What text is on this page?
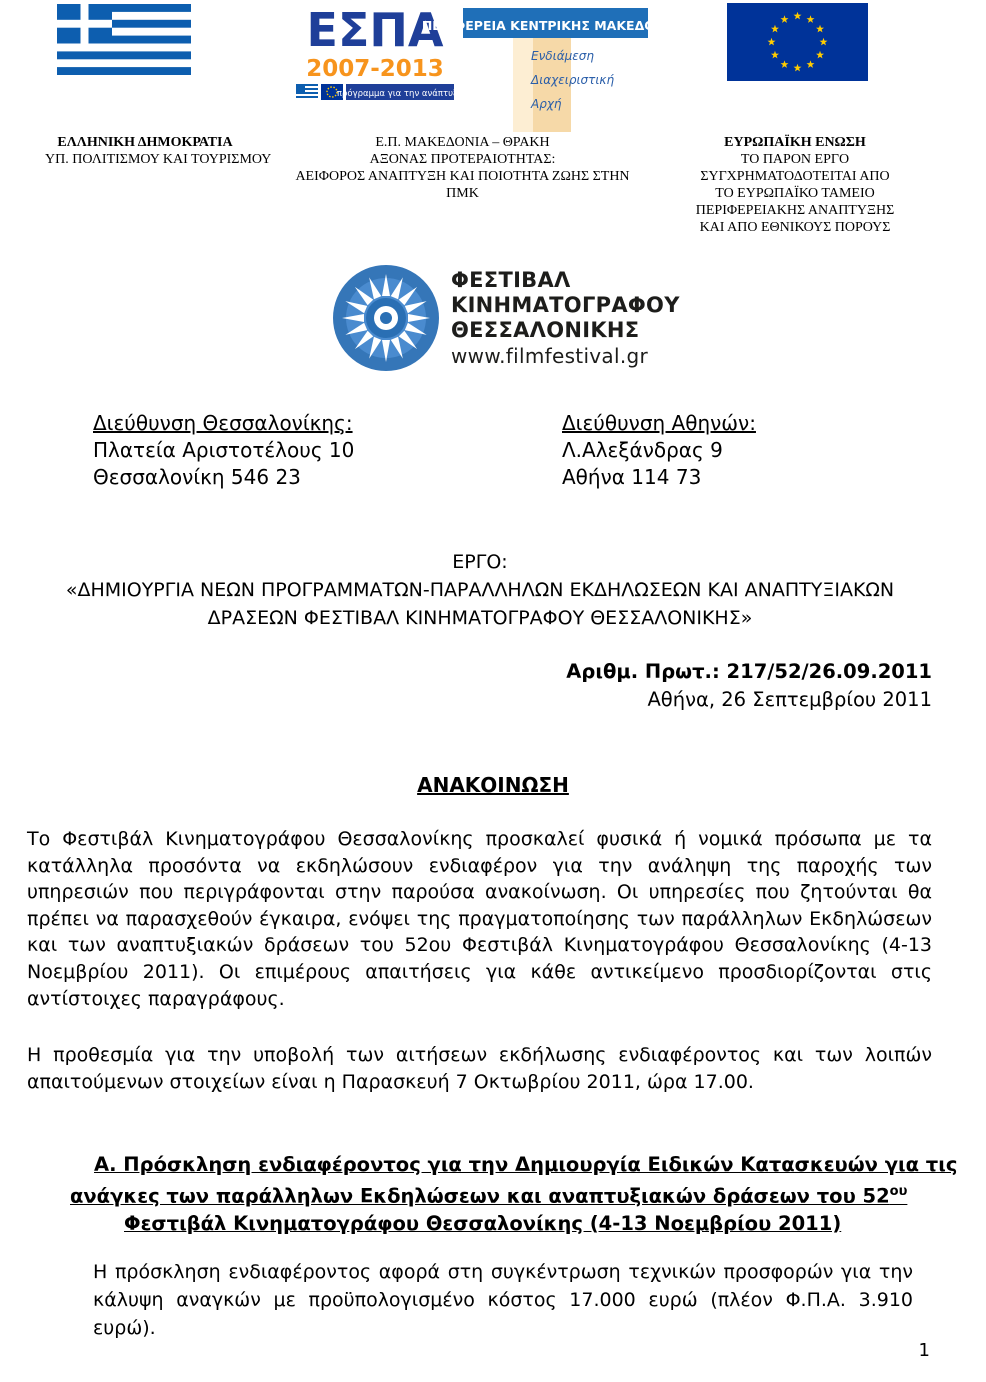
ΕΣΠΑ
2007-2013
πρόγραμμα για την ανάπτυξη
ΠΕΡΙΦΕΡΕΙΑ ΚΕΝΤΡΙΚΗΣ ΜΑΚΕΔΟΝΙΑΣ
Ενδιάμεση
Διαχειριστική
Αρχή
ΕΛΛΗΝΙΚΗ ΔΗΜΟΚΡΑΤΙΑ
ΥΠ. ΠΟΛΙΤΙΣΜΟΥ ΚΑΙ ΤΟΥΡΙΣΜΟΥ
Ε.Π. ΜΑΚΕΔΟΝΙΑ – ΘΡΑΚΗ
ΑΞΟΝΑΣ ΠΡΟΤΕΡΑΙΟΤΗΤΑΣ:
ΑΕΙΦΟΡΟΣ ΑΝΑΠΤΥΞΗ ΚΑΙ ΠΟΙΟΤΗΤΑ ΖΩΗΣ ΣΤΗΝ
ΠΜΚ
ΕΥΡΩΠΑΪΚΗ ΕΝΩΣΗ
ΤΟ ΠΑΡΟΝ ΕΡΓΟ
ΣΥΓΧΡΗΜΑΤΟΔΟΤΕΙΤΑΙ ΑΠΟ
ΤΟ ΕΥΡΩΠΑΪΚΟ ΤΑΜΕΙΟ
ΠΕΡΙΦΕΡΕΙΑΚΗΣ ΑΝΑΠΤΥΞΗΣ
ΚΑΙ ΑΠΟ ΕΘΝΙΚΟΥΣ ΠΟΡΟΥΣ
ΦΕΣΤΙΒΑΛ
ΚΙΝΗΜΑΤΟΓΡΑΦΟΥ
ΘΕΣΣΑΛΟΝΙΚΗΣ
www.filmfestival.gr
Διεύθυνση Θεσσαλονίκης:
Πλατεία Αριστοτέλους 10
Θεσσαλονίκη 546 23
Διεύθυνση Αθηνών:
Λ.Αλεξάνδρας 9
Αθήνα 114 73
ΕΡΓΟ:
«ΔΗΜΙΟΥΡΓΙΑ ΝΕΩΝ ΠΡΟΓΡΑΜΜΑΤΩΝ-ΠΑΡΑΛΛΗΛΩΝ ΕΚΔΗΛΩΣΕΩΝ ΚΑΙ ΑΝΑΠΤΥΞΙΑΚΩΝ
ΔΡΑΣΕΩΝ ΦΕΣΤΙΒΑΛ ΚΙΝΗΜΑΤΟΓΡΑΦΟΥ ΘΕΣΣΑΛΟΝΙΚΗΣ»
Αριθμ. Πρωτ.: 217/52/26.09.2011
Αθήνα, 26 Σεπτεμβρίου 2011
ΑΝΑΚΟΙΝΩΣΗ

Το Φεστιβάλ Κινηματογράφου Θεσσαλονίκης προσκαλεί φυσικά ή νομικά πρόσωπα με τα κατάλληλα προσόντα να εκδηλώσουν ενδιαφέρον για την ανάληψη της παροχής των υπηρεσιών που περιγράφονται στην παρούσα ανακοίνωση. Οι υπηρεσίες που ζητούνται θα πρέπει να παρασχεθούν έγκαιρα, ενόψει της πραγματοποίησης των παράλληλων Εκδηλώσεων και των αναπτυξιακών δράσεων του 52ου Φεστιβάλ Κινηματογράφου Θεσσαλονίκης (4-13 Νοεμβρίου 2011). Οι επιμέρους απαιτήσεις για κάθε αντικείμενο προσδιορίζονται στις αντίστοιχες παραγράφους.

Η προθεσμία για την υποβολή των αιτήσεων εκδήλωσης ενδιαφέροντος και των λοιπών απαιτούμενων στοιχείων είναι η Παρασκευή 7 Οκτωβρίου 2011, ώρα 17.00.

Α. Πρόσκληση ενδιαφέροντος για την Δημιουργία Ειδικών Κατασκευών για τις
ανάγκες των παράλληλων Εκδηλώσεων και αναπτυξιακών δράσεων του $52^{o\upsilon}$
Φεστιβάλ Κινηματογράφου Θεσσαλονίκης (4-13 Νοεμβρίου 2011)
Η πρόσκληση ενδιαφέροντος αφορά στη συγκέντρωση τεχνικών προσφορών για την κάλυψη αναγκών με προϋπολογισμένο κόστος 17.000 ευρώ (πλέον Φ.Π.Α. 3.910 ευρώ).
1
